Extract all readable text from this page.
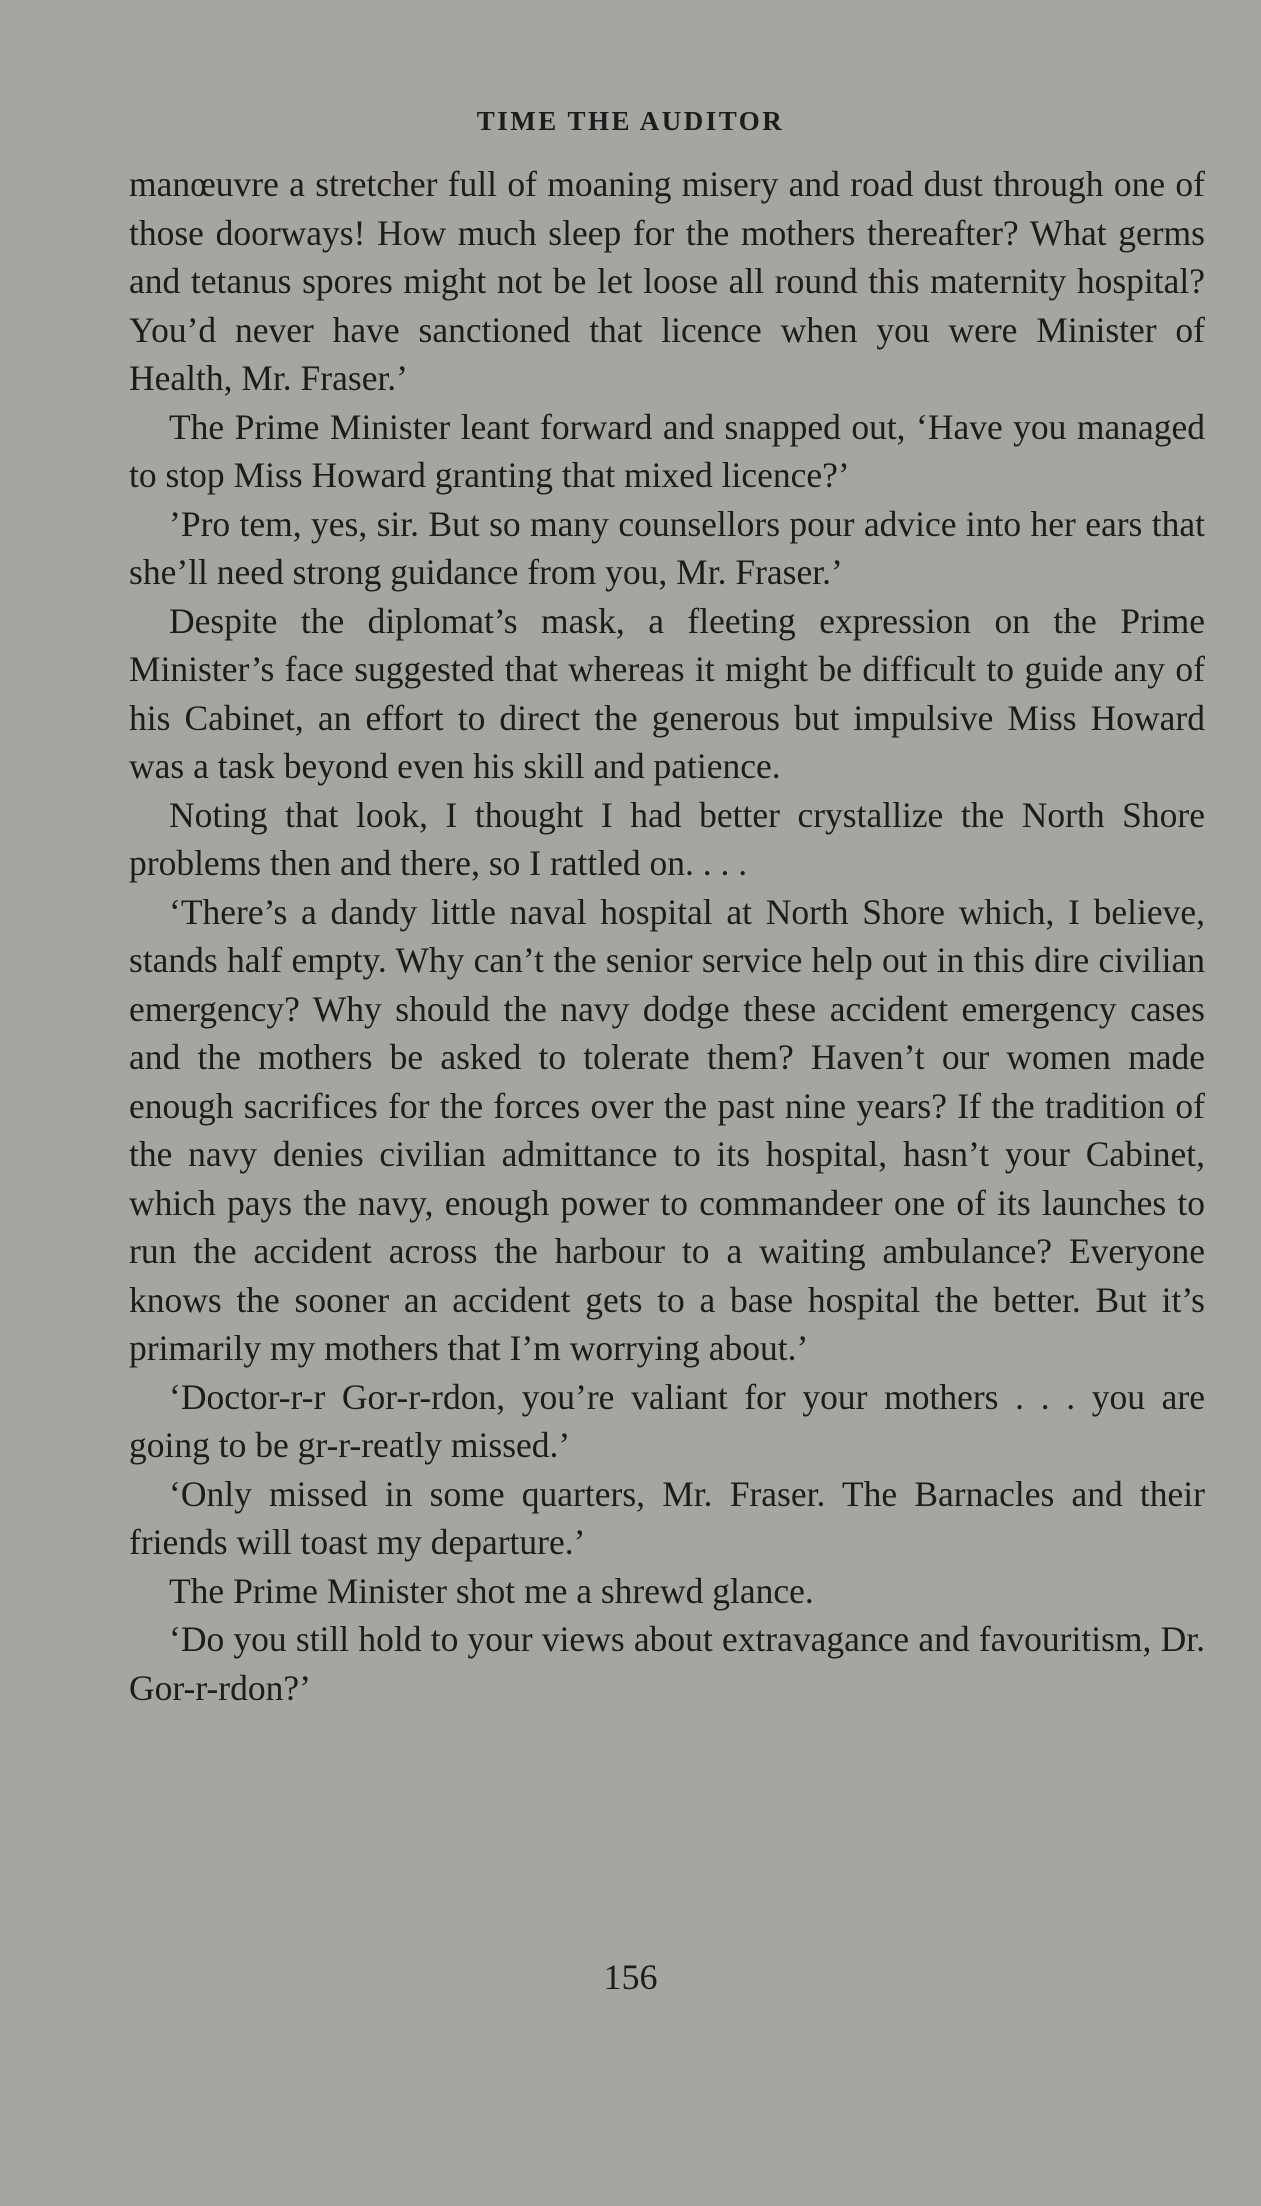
TIME THE AUDITOR

manœuvre a stretcher full of moaning misery and road dust through one of those doorways! How much sleep for the mothers thereafter? What germs and tetanus spores might not be let loose all round this maternity hospital? You’d never have sanctioned that licence when you were Minister of Health, Mr. Fraser.’

The Prime Minister leant forward and snapped out, ‘Have you managed to stop Miss Howard granting that mixed licence?’

’Pro tem, yes, sir. But so many counsellors pour advice into her ears that she’ll need strong guidance from you, Mr. Fraser.’

Despite the diplomat’s mask, a fleeting expression on the Prime Minister’s face suggested that whereas it might be difficult to guide any of his Cabinet, an effort to direct the generous but impulsive Miss Howard was a task beyond even his skill and patience.

Noting that look, I thought I had better crystallize the North Shore problems then and there, so I rattled on. . . .

‘There’s a dandy little naval hospital at North Shore which, I believe, stands half empty. Why can’t the senior service help out in this dire civilian emergency? Why should the navy dodge these accident emergency cases and the mothers be asked to tolerate them? Haven’t our women made enough sacrifices for the forces over the past nine years? If the tradition of the navy denies civilian admittance to its hospital, hasn’t your Cabinet, which pays the navy, enough power to commandeer one of its launches to run the accident across the harbour to a waiting ambulance? Everyone knows the sooner an accident gets to a base hospital the better. But it’s primarily my mothers that I’m worrying about.’

‘Doctor-r-r Gor-r-rdon, you’re valiant for your mothers . . . you are going to be gr-r-reatly missed.’

‘Only missed in some quarters, Mr. Fraser. The Barnacles and their friends will toast my departure.’

The Prime Minister shot me a shrewd glance.

‘Do you still hold to your views about extravagance and favouritism, Dr. Gor-r-rdon?’

156
